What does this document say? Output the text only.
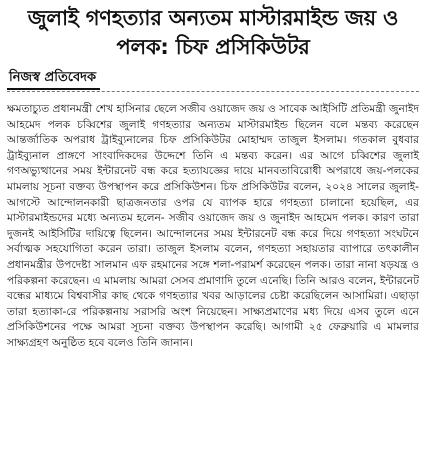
জুলাই গণহত্যার অন্যতম মাস্টারমাইন্ড জয় ও পলক: চিফ প্রসিকিউটর
নিজস্ব প্রতিবেদক

ক্ষমতাচ্যুত প্রধানমন্ত্রী শেখ হাসিনার ছেলে সজীব ওয়াজেদ জয় ও সাবেক আইসিটি প্রতিমন্ত্রী জুনাইদ আহমেদ পলক চব্বিশের জুলাই গণহত্যার অন্যতম মাস্টারমাইন্ড ছিলেন বলে মন্তব্য করেছেন আন্তর্জাতিক অপরাধ ট্রাইব্যুনালের চিফ প্রসিকিউটর মোহাম্মদ তাজুল ইসলাম। গতকাল বুধবার ট্রাইব্যুনাল প্রাঙ্গণে সাংবাদিকদের উদ্দেশে তিনি এ মন্তব্য করেন। এর আগে চব্বিশের জুলাই গণঅভ্যুত্থানের সময় ইন্টারনেট বন্ধ করে হত্যাযজ্ঞের দায়ে মানবতাবিরোধী অপরাধে জয়-পলকের মামলায় সূচনা বক্তব্য উপস্থাপন করে প্রসিকিউশন। চিফ প্রসিকিউটর বলেন, ২০২৪ সালের জুলাই-আগস্টে আন্দোলনকারী ছাত্রজনতার ওপর যে ব্যাপক হারে গণহত্যা চালানো হয়েছিল, এর মাস্টারমাইন্ডদের মধ্যে অন্যতম হলেন- সজীব ওয়াজেদ জয় ও জুনাইদ আহমেদ পলক। কারণ তারা দুজনই আইসিটির দায়িত্বে ছিলেন। আন্দোলনের সময় ইন্টারনেট বন্ধ করে দিয়ে গণহত্যা সংঘটনে সর্বাত্মক সহযোগিতা করেন তারা। তাজুল ইসলাম বলেন, গণহত্যা সহায়তার ব্যাপারে তৎকালীন প্রধানমন্ত্রীর উপদেষ্টা সালমান এফ রহমানের সঙ্গে শলা-পরামর্শ করেছেন পলক। তারা নানা ষড়যন্ত্র ও পরিকল্পনা করেছেন। এ মামলায় আমরা সেসব প্রমাণাদি তুলে এনেছি। তিনি আরও বলেন, ইন্টারনেট বন্ধের মাধ্যমে বিশ্ববাসীর কাছ থেকে গণহত্যার খবর আড়ালের চেষ্টা করেছিলেন আসামিরা। এছাড়া তারা হত্যাকা-রে পরিকল্পনায় সরাসরি অংশ নিয়েছেন। সাক্ষ্যপ্রমাণের মধ্য দিয়ে এসব তুলে এনে প্রসিকিউশনের পক্ষে আমরা সূচনা বক্তব্য উপস্থাপন করেছি। আগামী ২৫ ফেব্রুয়ারি এ মামলার সাক্ষ্যগ্রহণ অনুষ্ঠিত হবে বলেও তিনি জানান।
